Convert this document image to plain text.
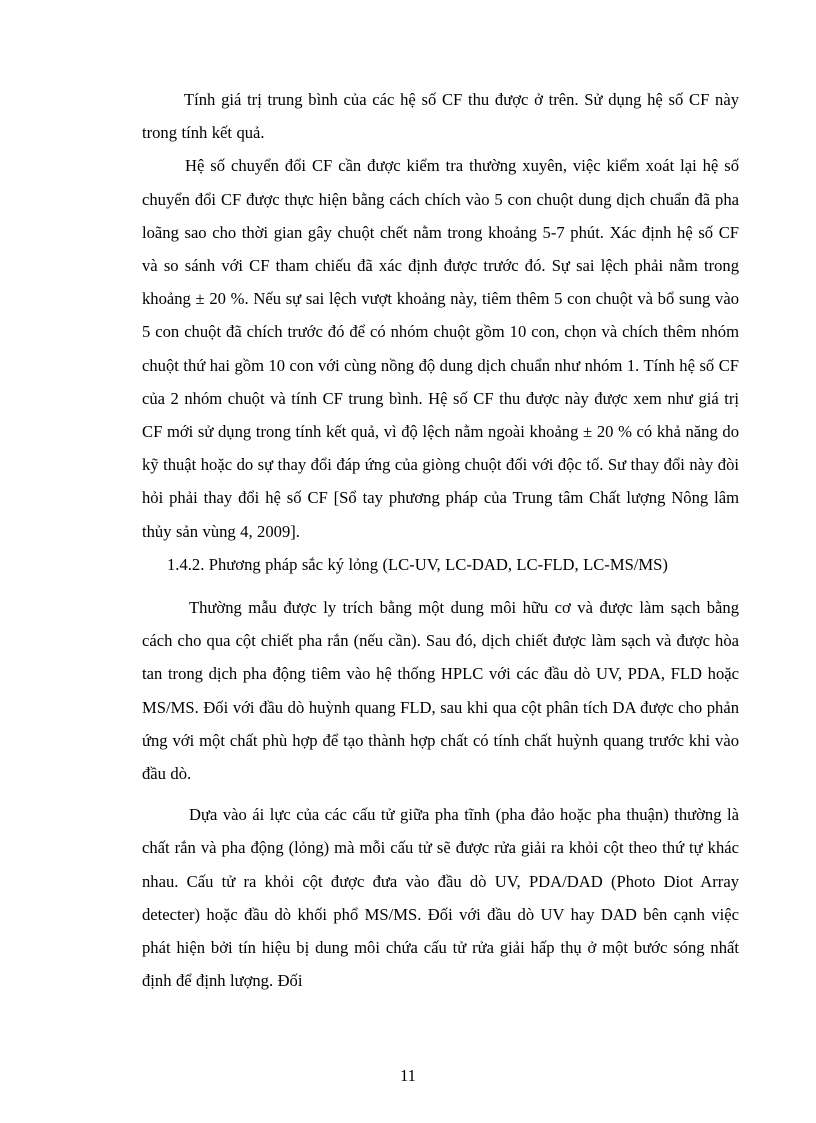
Tính giá trị trung bình của các hệ số CF thu được ở trên. Sử dụng hệ số CF này trong tính kết quả.

Hệ số chuyển đổi CF cần được kiểm tra thường xuyên, việc kiểm xoát lại hệ số chuyển đổi CF được thực hiện bằng cách chích vào 5 con chuột dung dịch chuẩn đã pha loãng sao cho thời gian gây chuột chết nằm trong khoảng 5-7 phút. Xác định hệ số CF và so sánh với CF tham chiếu đã xác định được trước đó. Sự sai lệch phải nằm trong khoảng ± 20 %. Nếu sự sai lệch vượt khoảng này, tiêm thêm 5 con chuột và bổ sung vào 5 con chuột đã chích trước đó để có nhóm chuột gồm 10 con, chọn và chích thêm nhóm chuột thứ hai gồm 10 con với cùng nồng độ dung dịch chuẩn như nhóm 1. Tính hệ số CF của 2 nhóm chuột và tính CF trung bình. Hệ số CF thu được này được xem như giá trị CF mới sử dụng trong tính kết quả, vì độ lệch nằm ngoài khoảng ± 20 % có khả năng do kỹ thuật hoặc do sự thay đổi đáp ứng của giòng chuột đối với độc tố. Sư thay đổi này đòi hỏi phải thay đổi hệ số CF [Sổ tay phương pháp của Trung tâm Chất lượng Nông lâm thủy sản vùng 4, 2009].

1.4.2. Phương pháp sắc ký lỏng (LC-UV, LC-DAD, LC-FLD, LC-MS/MS)

Thường mẫu được ly trích bằng một dung môi hữu cơ và được làm sạch bằng cách cho qua cột chiết pha rắn (nếu cần). Sau đó, dịch chiết được làm sạch và được hòa tan trong dịch pha động tiêm vào hệ thống HPLC với các đầu dò UV, PDA, FLD hoặc MS/MS. Đối với đầu dò huỳnh quang FLD, sau khi qua cột phân tích DA được cho phản ứng với một chất phù hợp để tạo thành hợp chất có tính chất huỳnh quang trước khi vào đầu dò.

Dựa vào ái lực của các cấu tử giữa pha tĩnh (pha đảo hoặc pha thuận) thường là chất rắn và pha động (lỏng) mà mỗi cấu tử sẽ được rửa giải ra khỏi cột theo thứ tự khác nhau. Cấu tử ra khỏi cột được đưa vào đầu dò UV, PDA/DAD (Photo Diot Array detecter) hoặc đầu dò khối phổ MS/MS. Đối với đầu dò UV hay DAD bên cạnh việc phát hiện bởi tín hiệu bị dung môi chứa cấu tử rửa giải hấp thụ ở một bước sóng nhất định để định lượng. Đối

11
